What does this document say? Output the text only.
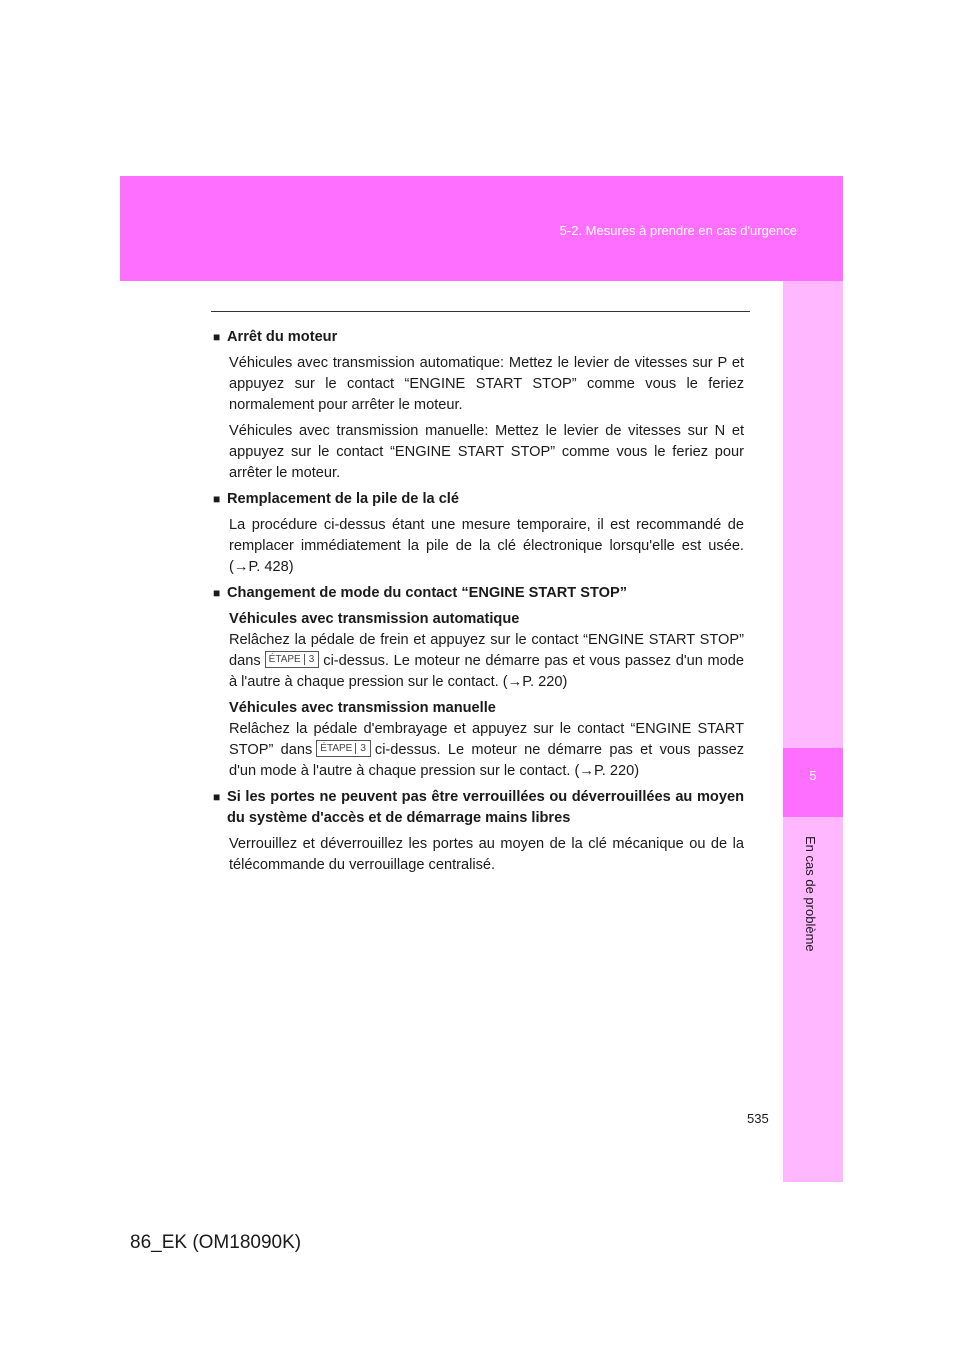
5-2. Mesures à prendre en cas d'urgence
5
En cas de problème
■ Arrêt du moteur

Véhicules avec transmission automatique: Mettez le levier de vitesses sur P et appuyez sur le contact “ENGINE START STOP” comme vous le feriez normalement pour arrêter le moteur.

Véhicules avec transmission manuelle: Mettez le levier de vitesses sur N et appuyez sur le contact “ENGINE START STOP” comme vous le feriez pour arrêter le moteur.

■ Remplacement de la pile de la clé

La procédure ci-dessus étant une mesure temporaire, il est recommandé de remplacer immédiatement la pile de la clé électronique lorsqu'elle est usée. (→P. 428)

■ Changement de mode du contact “ENGINE START STOP”

Véhicules avec transmission automatique
Relâchez la pédale de frein et appuyez sur le contact “ENGINE START STOP” dans ÉTAPE 3 ci-dessus. Le moteur ne démarre pas et vous passez d'un mode à l'autre à chaque pression sur le contact. (→P. 220)

Véhicules avec transmission manuelle
Relâchez la pédale d'embrayage et appuyez sur le contact “ENGINE START STOP” dans ÉTAPE 3 ci-dessus. Le moteur ne démarre pas et vous passez d'un mode à l'autre à chaque pression sur le contact. (→P. 220)

■ Si les portes ne peuvent pas être verrouillées ou déverrouillées au moyen du système d'accès et de démarrage mains libres

Verrouillez et déverrouillez les portes au moyen de la clé mécanique ou de la télécommande du verrouillage centralisé.

535
86_EK (OM18090K)
